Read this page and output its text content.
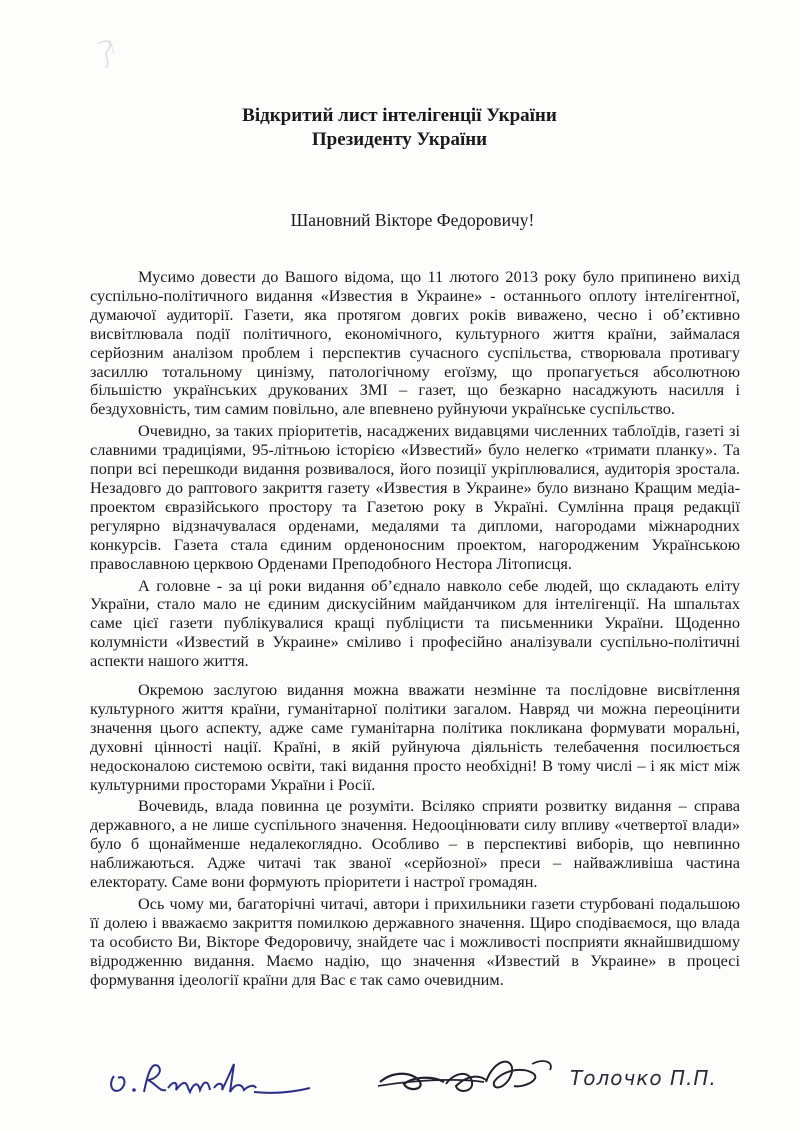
Відкритий лист інтелігенції України
Президенту України
Шановний Вікторе Федоровичу!

Мусимо довести до Вашого відома, що 11 лютого 2013 року було припинено вихід суспільно-політичного видання «Известия в Украине» - останнього оплоту інтелігентної, думаючої аудиторії. Газети, яка протягом довгих років виважено, чесно і об’єктивно висвітлювала події політичного, економічного, культурного життя країни, займалася серйозним аналізом проблем і перспектив сучасного суспільства, створювала противагу засиллю тотальному цинізму, патологічному егоїзму, що пропагується абсолютною більшістю українських друкованих ЗМІ – газет, що безкарно насаджують насилля і бездуховність, тим самим повільно, але впевнено руйнуючи українське суспільство.

Очевидно, за таких пріоритетів, насаджених видавцями численних таблоїдів, газеті зі славними традиціями, 95-літньою історією «Известий» було нелегко «тримати планку». Та попри всі перешкоди видання розвивалося, його позиції укріплювалися, аудиторія зростала. Незадовго до раптового закриття газету «Известия в Украине» було визнано Кращим медіа-проектом євразійського простору та Газетою року в Україні. Сумлінна праця редакції регулярно відзначувалася орденами, медалями та дипломи, нагородами міжнародних конкурсів. Газета стала єдиним орденоносним проектом, нагородженим Українською православною церквою Орденами Преподобного Нестора Літописця.

А головне - за ці роки видання об’єднало навколо себе людей, що складають еліту України, стало мало не єдиним дискусійним майданчиком для інтелігенції. На шпальтах саме цієї газети публікувалися кращі публіцисти та письменники України. Щоденно колумністи «Известий в Украине» сміливо і професійно аналізували суспільно-політичні аспекти нашого життя.

Окремою заслугою видання можна вважати незмінне та послідовне висвітлення культурного життя країни, гуманітарної політики загалом. Навряд чи можна переоцінити значення цього аспекту, адже саме гуманітарна політика покликана формувати моральні, духовні цінності нації. Країні, в якій руйнуюча діяльність телебачення посилюється недосконалою системою освіти, такі видання просто необхідні! В тому числі – і як міст між культурними просторами України і Росії.

Вочевидь, влада повинна це розуміти. Всіляко сприяти розвитку видання – справа державного, а не лише суспільного значення. Недооцінювати силу впливу «четвертої влади» було б щонайменше недалекоглядно. Особливо – в перспективі виборів, що невпинно наближаються. Адже читачі так званої «серйозної» преси – найважливіша частина електорату. Саме вони формують пріоритети і настрої громадян.

Ось чому ми, багаторічні читачі, автори і прихильники газети стурбовані подальшою її долею і вважаємо закриття помилкою державного значення. Щиро сподіваємося, що влада та особисто Ви, Вікторе Федоровичу, знайдете час і можливості посприяти якнайшвидшому відродженню видання. Маємо надію, що значення «Известий в Украине» в процесі формування ідеології країни для Вас є так само очевидним.

Толочко П.П.
